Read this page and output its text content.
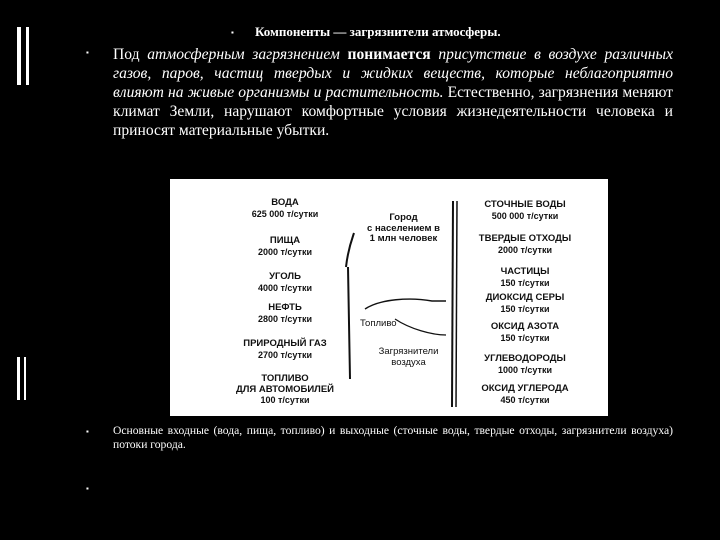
▪
▪
▪
▪
Компоненты — загрязнители атмосферы.
Под атмосферным загрязнением понимается присутствие в воздухе различных газов, паров, частиц твердых и жидких веществ, которые неблагоприятно влияют на живые организмы и растительность. Естественно, загрязнения меняют климат Земли, нарушают комфортные условия жизнедеятельности человека и приносят материальные убытки.
ВОДА
625 000 т/сутки
ПИЩА
2000 т/сутки
УГОЛЬ
4000 т/сутки
НЕФТЬ
2800 т/сутки
ПРИРОДНЫЙ ГАЗ
2700 т/сутки
ТОПЛИВО
ДЛЯ АВТОМОБИЛЕЙ
100 т/сутки
Город
с населением в
1 млн человек
Топливо
Загрязнители
воздуха
СТОЧНЫЕ ВОДЫ
500 000 т/сутки
ТВЕРДЫЕ ОТХОДЫ
2000 т/сутки
ЧАСТИЦЫ
150 т/сутки
ДИОКСИД СЕРЫ
150 т/сутки
ОКСИД АЗОТА
150 т/сутки
УГЛЕВОДОРОДЫ
1000 т/сутки
ОКСИД УГЛЕРОДА
450 т/сутки
Основные входные (вода, пища, топливо) и выходные (сточные воды, твердые отходы, загрязнители воздуха) потоки города.
